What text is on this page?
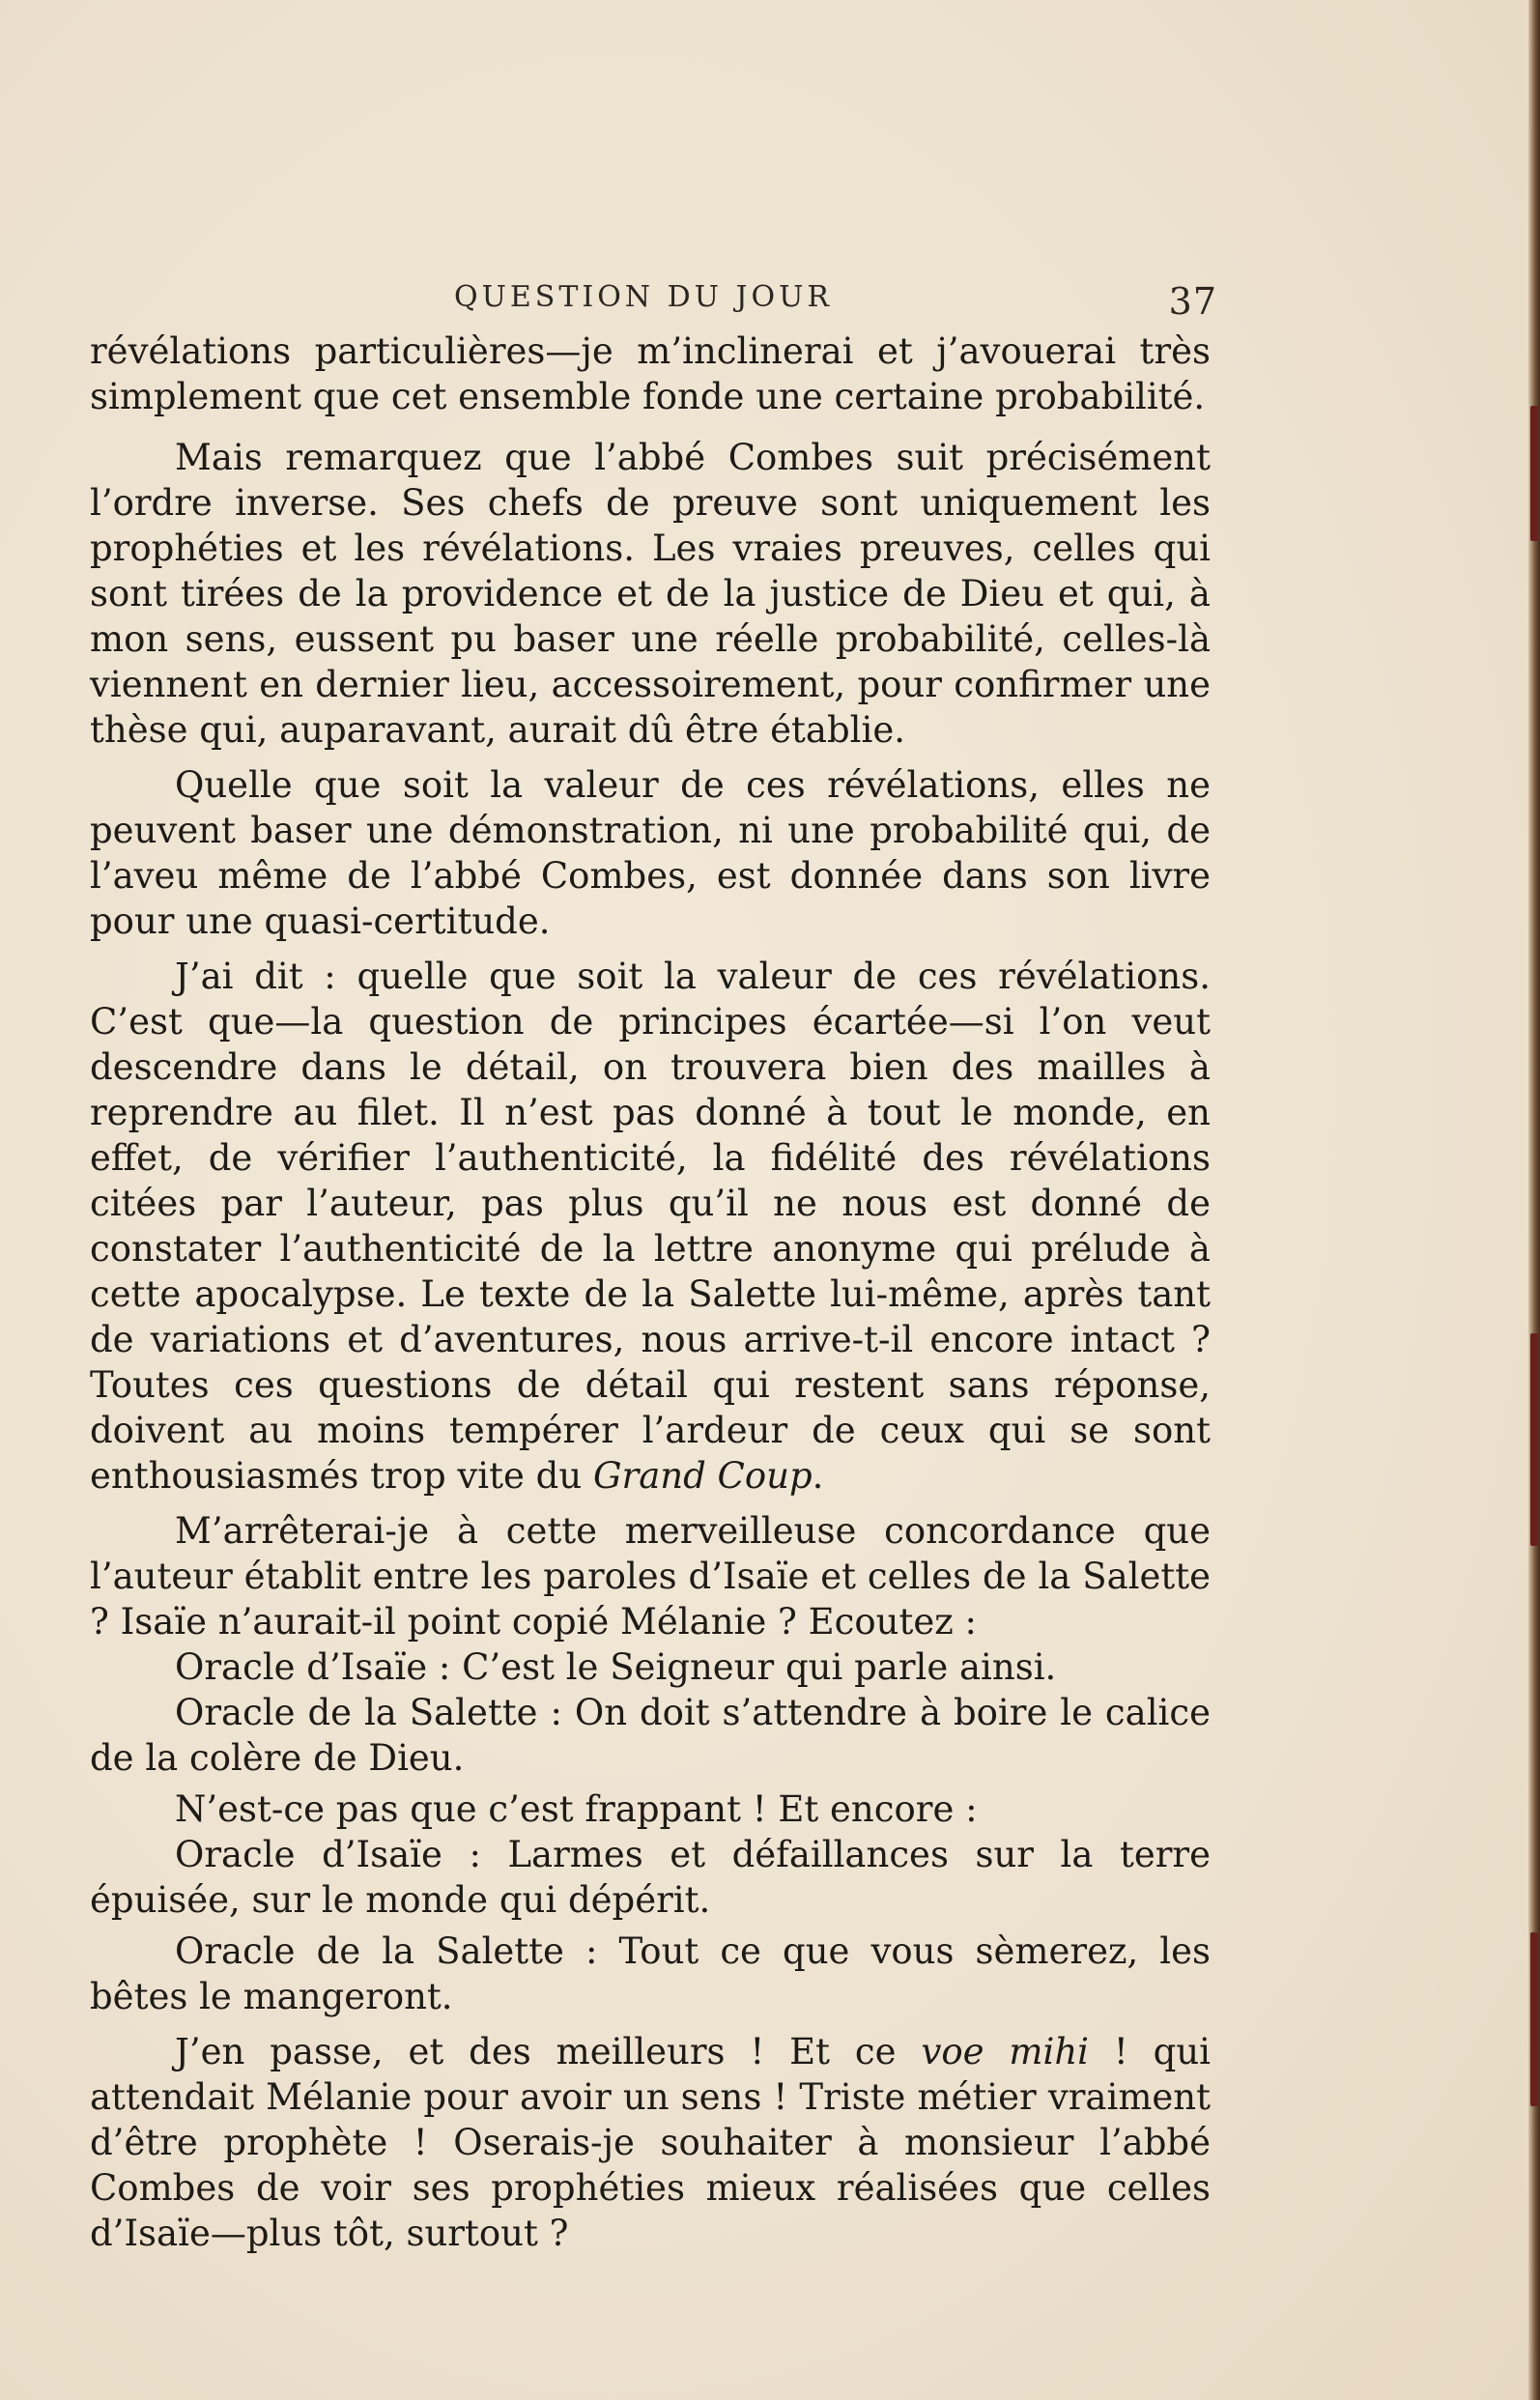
QUESTION DU JOUR	37

révélations particulières—je m’inclinerai et j’avouerai très simplement que cet ensemble fonde une certaine probabilité.

Mais remarquez que l’abbé Combes suit précisément l’ordre inverse. Ses chefs de preuve sont uniquement les prophéties et les révélations. Les vraies preuves, celles qui sont tirées de la providence et de la justice de Dieu et qui, à mon sens, eussent pu baser une réelle probabilité, celles-là viennent en dernier lieu, accessoirement, pour confirmer une thèse qui, auparavant, aurait dû être établie.

Quelle que soit la valeur de ces révélations, elles ne peuvent baser une démonstration, ni une probabilité qui, de l’aveu même de l’abbé Combes, est donnée dans son livre pour une quasi-certitude.

J’ai dit : quelle que soit la valeur de ces révélations. C’est que—la question de principes écartée—si l’on veut descendre dans le détail, on trouvera bien des mailles à reprendre au filet. Il n’est pas donné à tout le monde, en effet, de vérifier l’authenticité, la fidélité des révélations citées par l’auteur, pas plus qu’il ne nous est donné de constater l’authenticité de la lettre anonyme qui prélude à cette apocalypse. Le texte de la Salette lui-même, après tant de variations et d’aventures, nous arrive-t-il encore intact ? Toutes ces questions de détail qui restent sans réponse, doivent au moins tempérer l’ardeur de ceux qui se sont enthousiasmés trop vite du Grand Coup.

M’arrêterai-je à cette merveilleuse concordance que l’auteur établit entre les paroles d’Isaïe et celles de la Salette ? Isaïe n’aurait-il point copié Mélanie ? Ecoutez :

Oracle d’Isaïe : C’est le Seigneur qui parle ainsi.

Oracle de la Salette : On doit s’attendre à boire le calice de la colère de Dieu.

N’est-ce pas que c’est frappant ! Et encore :

Oracle d’Isaïe : Larmes et défaillances sur la terre épuisée, sur le monde qui dépérit.

Oracle de la Salette : Tout ce que vous sèmerez, les bêtes le mangeront.

J’en passe, et des meilleurs ! Et ce voe mihi ! qui attendait Mélanie pour avoir un sens ! Triste métier vraiment d’être prophète ! Oserais-je souhaiter à monsieur l’abbé Combes de voir ses prophéties mieux réalisées que celles d’Isaïe—plus tôt, surtout ?
